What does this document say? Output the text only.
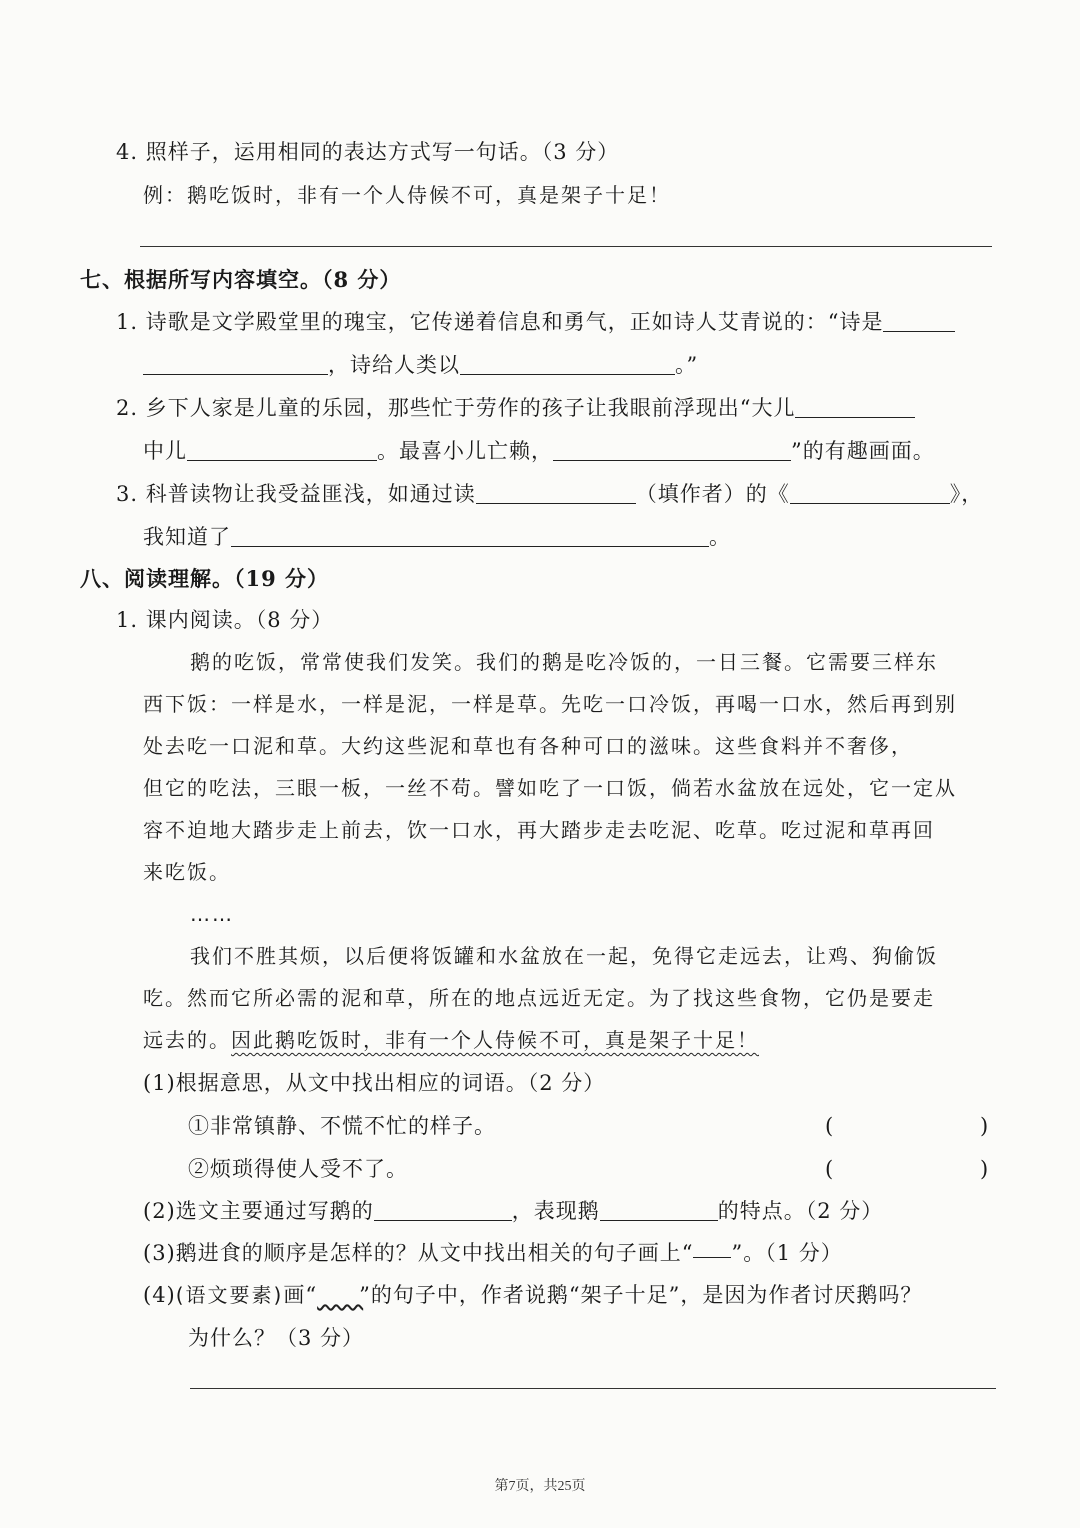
4. 照样子，运用相同的表达方式写一句话。（3 分）
例：鹅吃饭时，非有一个人侍候不可，真是架子十足！
七、根据所写内容填空。（8 分）
1. 诗歌是文学殿堂里的瑰宝，它传递着信息和勇气，正如诗人艾青说的：“诗是
，诗给人类以	。”
2. 乡下人家是儿童的乐园，那些忙于劳作的孩子让我眼前浮现出“大儿
中儿	。最喜小儿亡赖，	”的有趣画面。
3. 科普读物让我受益匪浅，如通过读	（填作者）的《	》，
我知道了	。
八、阅读理解。（19 分）
1. 课内阅读。（8 分）
鹅的吃饭，常常使我们发笑。我们的鹅是吃冷饭的，一日三餐。它需要三样东
西下饭：一样是水，一样是泥，一样是草。先吃一口冷饭，再喝一口水，然后再到别
处去吃一口泥和草。大约这些泥和草也有各种可口的滋味。这些食料并不奢侈，
但它的吃法，三眼一板，一丝不苟。譬如吃了一口饭，倘若水盆放在远处，它一定从
容不迫地大踏步走上前去，饮一口水，再大踏步走去吃泥、吃草。吃过泥和草再回
来吃饭。
……
我们不胜其烦，以后便将饭罐和水盆放在一起，免得它走远去，让鸡、狗偷饭
吃。然而它所必需的泥和草，所在的地点远近无定。为了找这些食物，它仍是要走
远去的。因此鹅吃饭时，非有一个人侍候不可，真是架子十足！
(1)根据意思，从文中找出相应的词语。（2 分）
①非常镇静、不慌不忙的样子。	(	)
②烦琐得使人受不了。	(	)
(2)选文主要通过写鹅的	，表现鹅	的特点。（2 分）
(3)鹅进食的顺序是怎样的？从文中找出相关的句子画上“ ”。（1 分）
(4)(语文要素)画“ ”的句子中，作者说鹅“架子十足”，是因为作者讨厌鹅吗？
为什么？（3 分）
第7页，共25页
